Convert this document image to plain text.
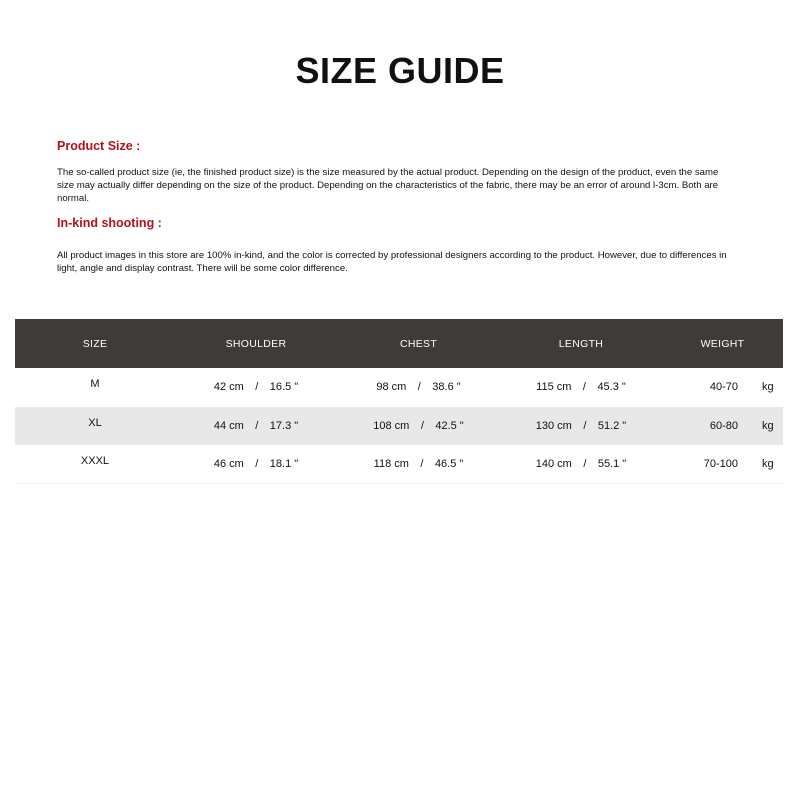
SIZE GUIDE
Product Size :
The so-called product size (ie, the finished product size) is the size measured by the actual product. Depending on the design of the product, even the same size may actually differ depending on the size of the product. Depending on the characteristics of the fabric, there may be an error of around l-3cm. Both are normal.
In-kind shooting :
All product images in this store are 100% in-kind, and the color is corrected by professional designers according to the product. However, due to differences in light, angle and display contrast. There will be some color difference.
SIZE	SHOULDER	CHEST	LENGTH	WEIGHT

M	42 cm / 16.5 "	98 cm / 38.6 "	115 cm / 45.3 "	40-70 kg

XL	44 cm / 17.3 "	108 cm / 42.5 "	130 cm / 51.2 "	60-80 kg

XXXL	46 cm / 18.1 "	118 cm / 46.5 "	140 cm / 55.1 "	70-100 kg
